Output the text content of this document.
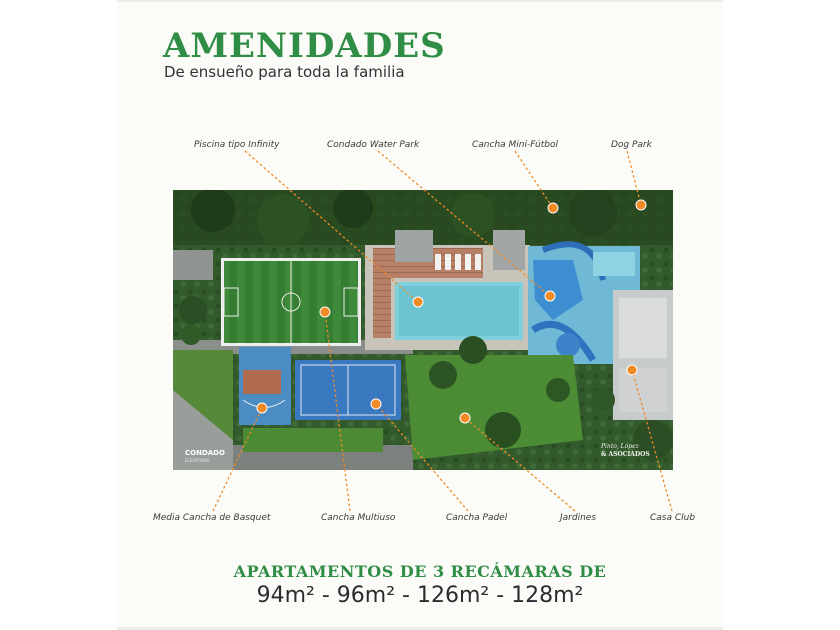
AMENIDADES
De ensueño para toda la familia
Piscina tipo Infinity	Condado Water Park	Cancha Mini-Fútbol	Dog Park
CONDADO
ELEVATIONS
Pinto, López
& ASOCIADOS
Media Cancha de Basquet	Cancha Multiuso	Cancha Padel	Jardines	Casa Club
APARTAMENTOS DE 3 RECÁMARAS DE
94m² - 96m² - 126m² - 128m²
